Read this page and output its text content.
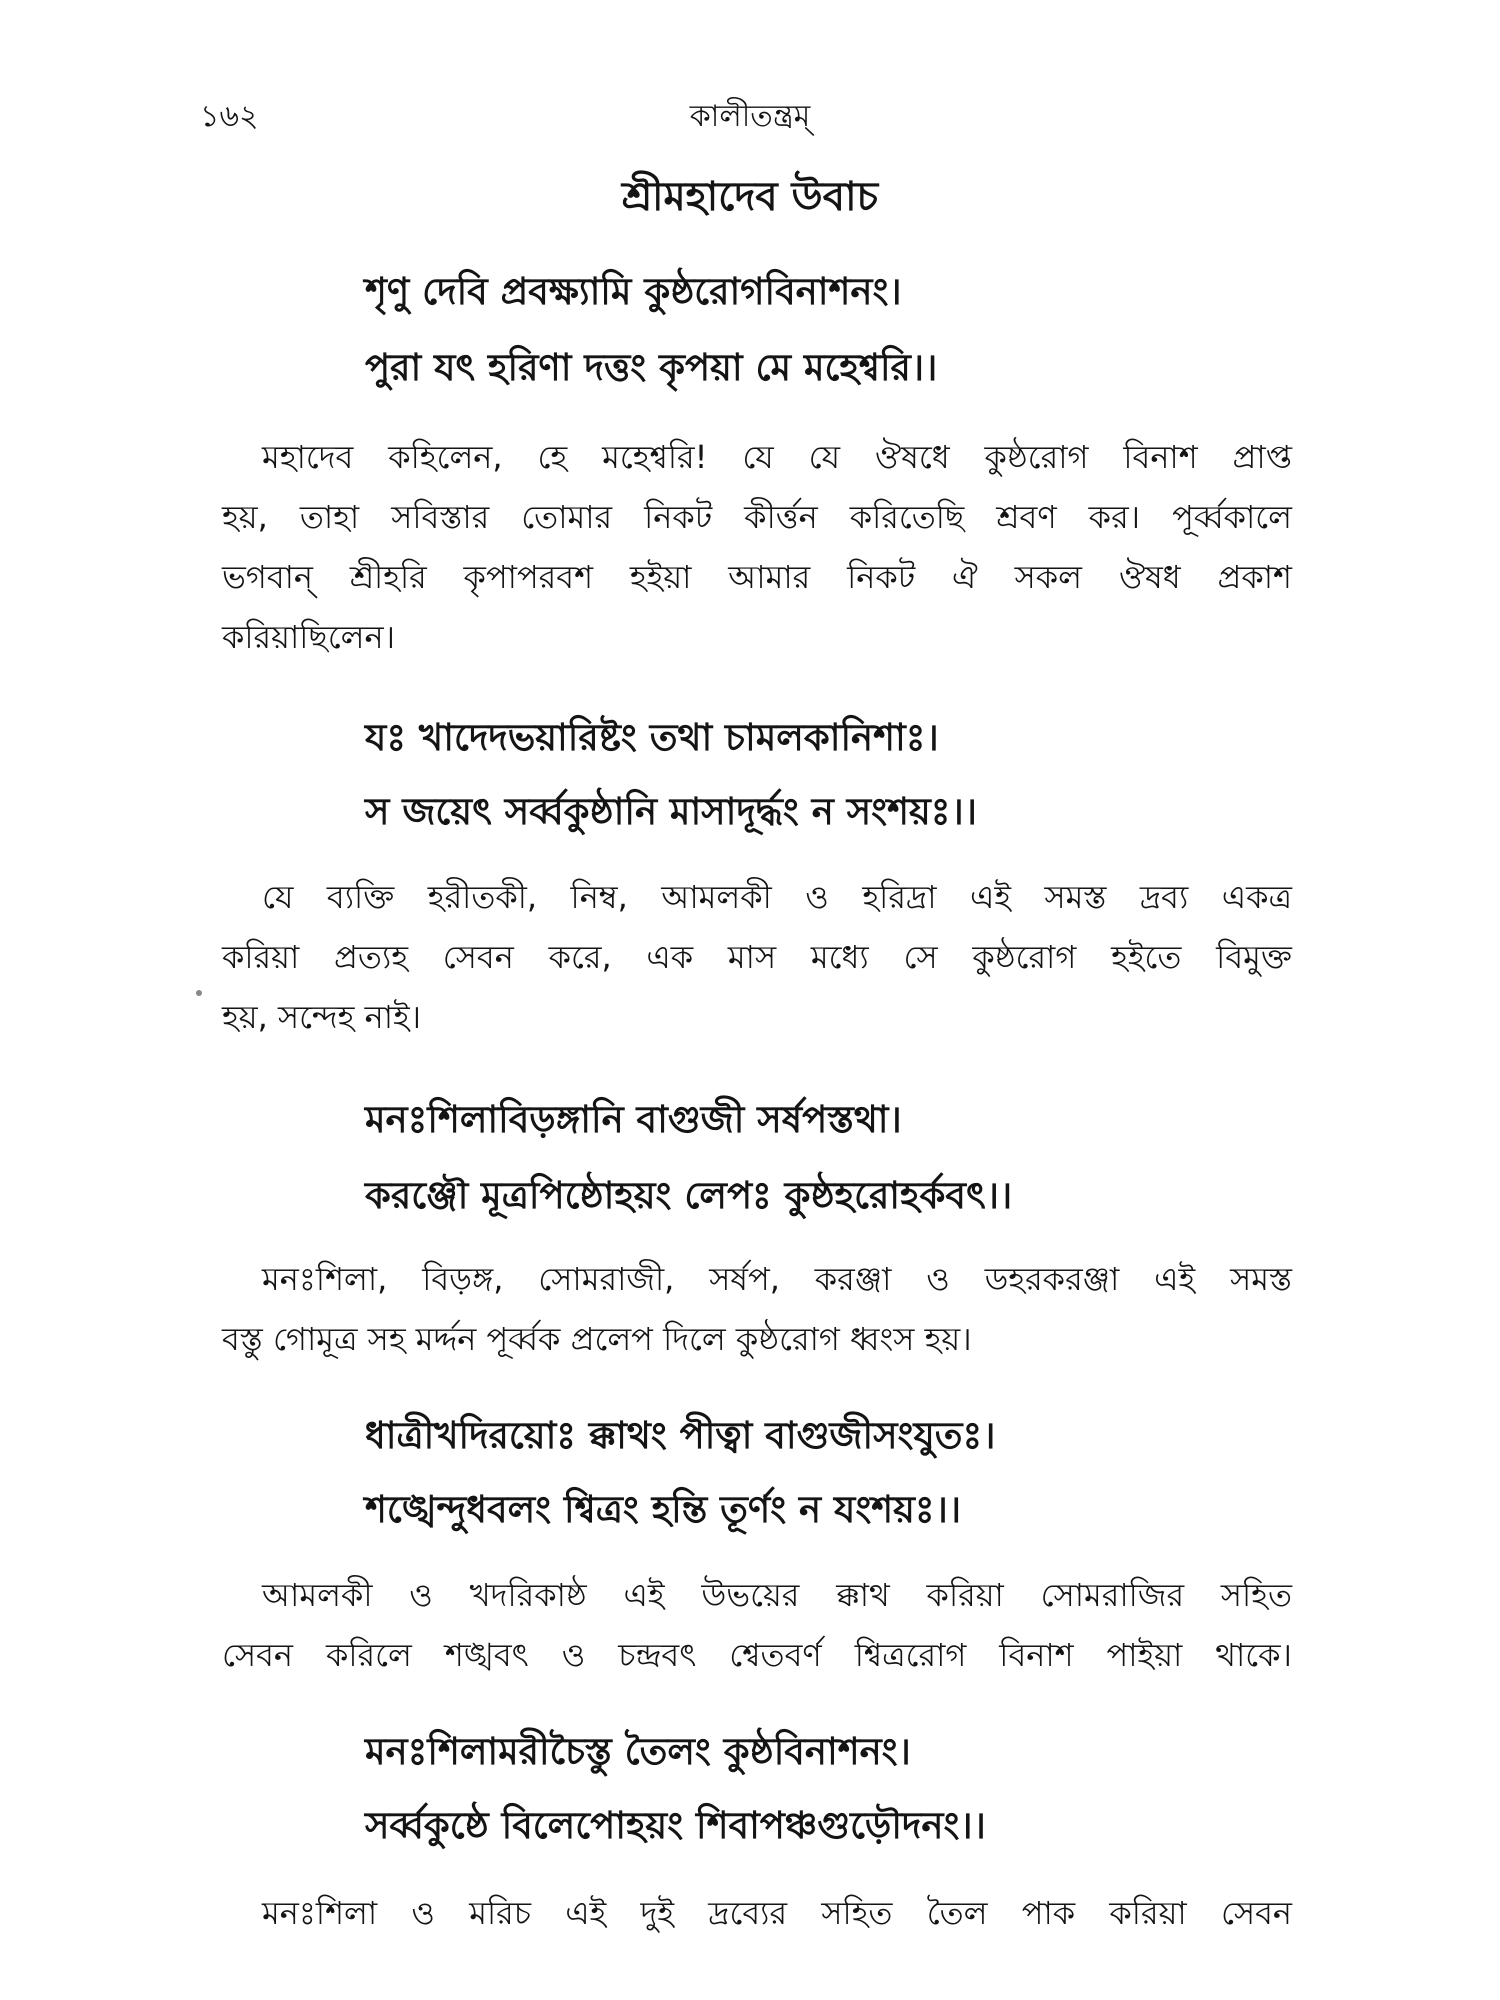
১৬২	কালীতন্ত্রম্
শ্রীমহাদেব উবাচ
শৃণু দেবি প্রবক্ষ্যামি কুষ্ঠরোগবিনাশনং।
পুরা যৎ হরিণা দত্তং কৃপয়া মে মহেশ্বরি।।
মহাদেব কহিলেন, হে মহেশ্বরি! যে যে ঔষধে কুষ্ঠরোগ বিনাশ প্রাপ্ত
হয়, তাহা সবিস্তার তোমার নিকট কীর্ত্তন করিতেছি শ্রবণ কর। পূর্ব্বকালে
ভগবান্ শ্রীহরি কৃপাপরবশ হইয়া আমার নিকট ঐ সকল ঔষধ প্রকাশ
করিয়াছিলেন।
যঃ খাদেদভয়ারিষ্টং তথা চামলকানিশাঃ।
স জয়েৎ সর্ব্বকুষ্ঠানি মাসাদূর্দ্ধং ন সংশয়ঃ।।
যে ব্যক্তি হরীতকী, নিম্ব, আমলকী ও হরিদ্রা এই সমস্ত দ্রব্য একত্র
করিয়া প্রত্যহ সেবন করে, এক মাস মধ্যে সে কুষ্ঠরোগ হইতে বিমুক্ত
হয়, সন্দেহ নাই।
মনঃশিলাবিড়ঙ্গানি বাগুজী সর্ষপস্তথা।
করঞ্জৌ মূত্রপিষ্ঠোহয়ং লেপঃ কুষ্ঠহরোহর্কবৎ।।
মনঃশিলা, বিড়ঙ্গ, সোমরাজী, সর্ষপ, করঞ্জা ও ডহরকরঞ্জা এই সমস্ত
বস্তু গোমূত্র সহ মর্দ্দন পূর্ব্বক প্রলেপ দিলে কুষ্ঠরোগ ধ্বংস হয়।
ধাত্রীখদিরয়োঃ ক্কাথং পীত্বা বাগুজীসংযুতঃ।
শঙ্খেন্দুধবলং শ্বিত্রং হন্তি তূর্ণং ন যংশয়ঃ।।
আমলকী ও খদরিকাষ্ঠ এই উভয়ের ক্কাথ করিয়া সোমরাজির সহিত
সেবন করিলে শঙ্খবৎ ও চন্দ্রবৎ শ্বেতবর্ণ শ্বিত্ররোগ বিনাশ পাইয়া থাকে।
মনঃশিলামরীচৈস্তু তৈলং কুষ্ঠবিনাশনং।
সর্ব্বকুষ্ঠে বিলেপোহয়ং শিবাপঞ্চগুড়ৌদনং।।
মনঃশিলা ও মরিচ এই দুই দ্রব্যের সহিত তৈল পাক করিয়া সেবন
